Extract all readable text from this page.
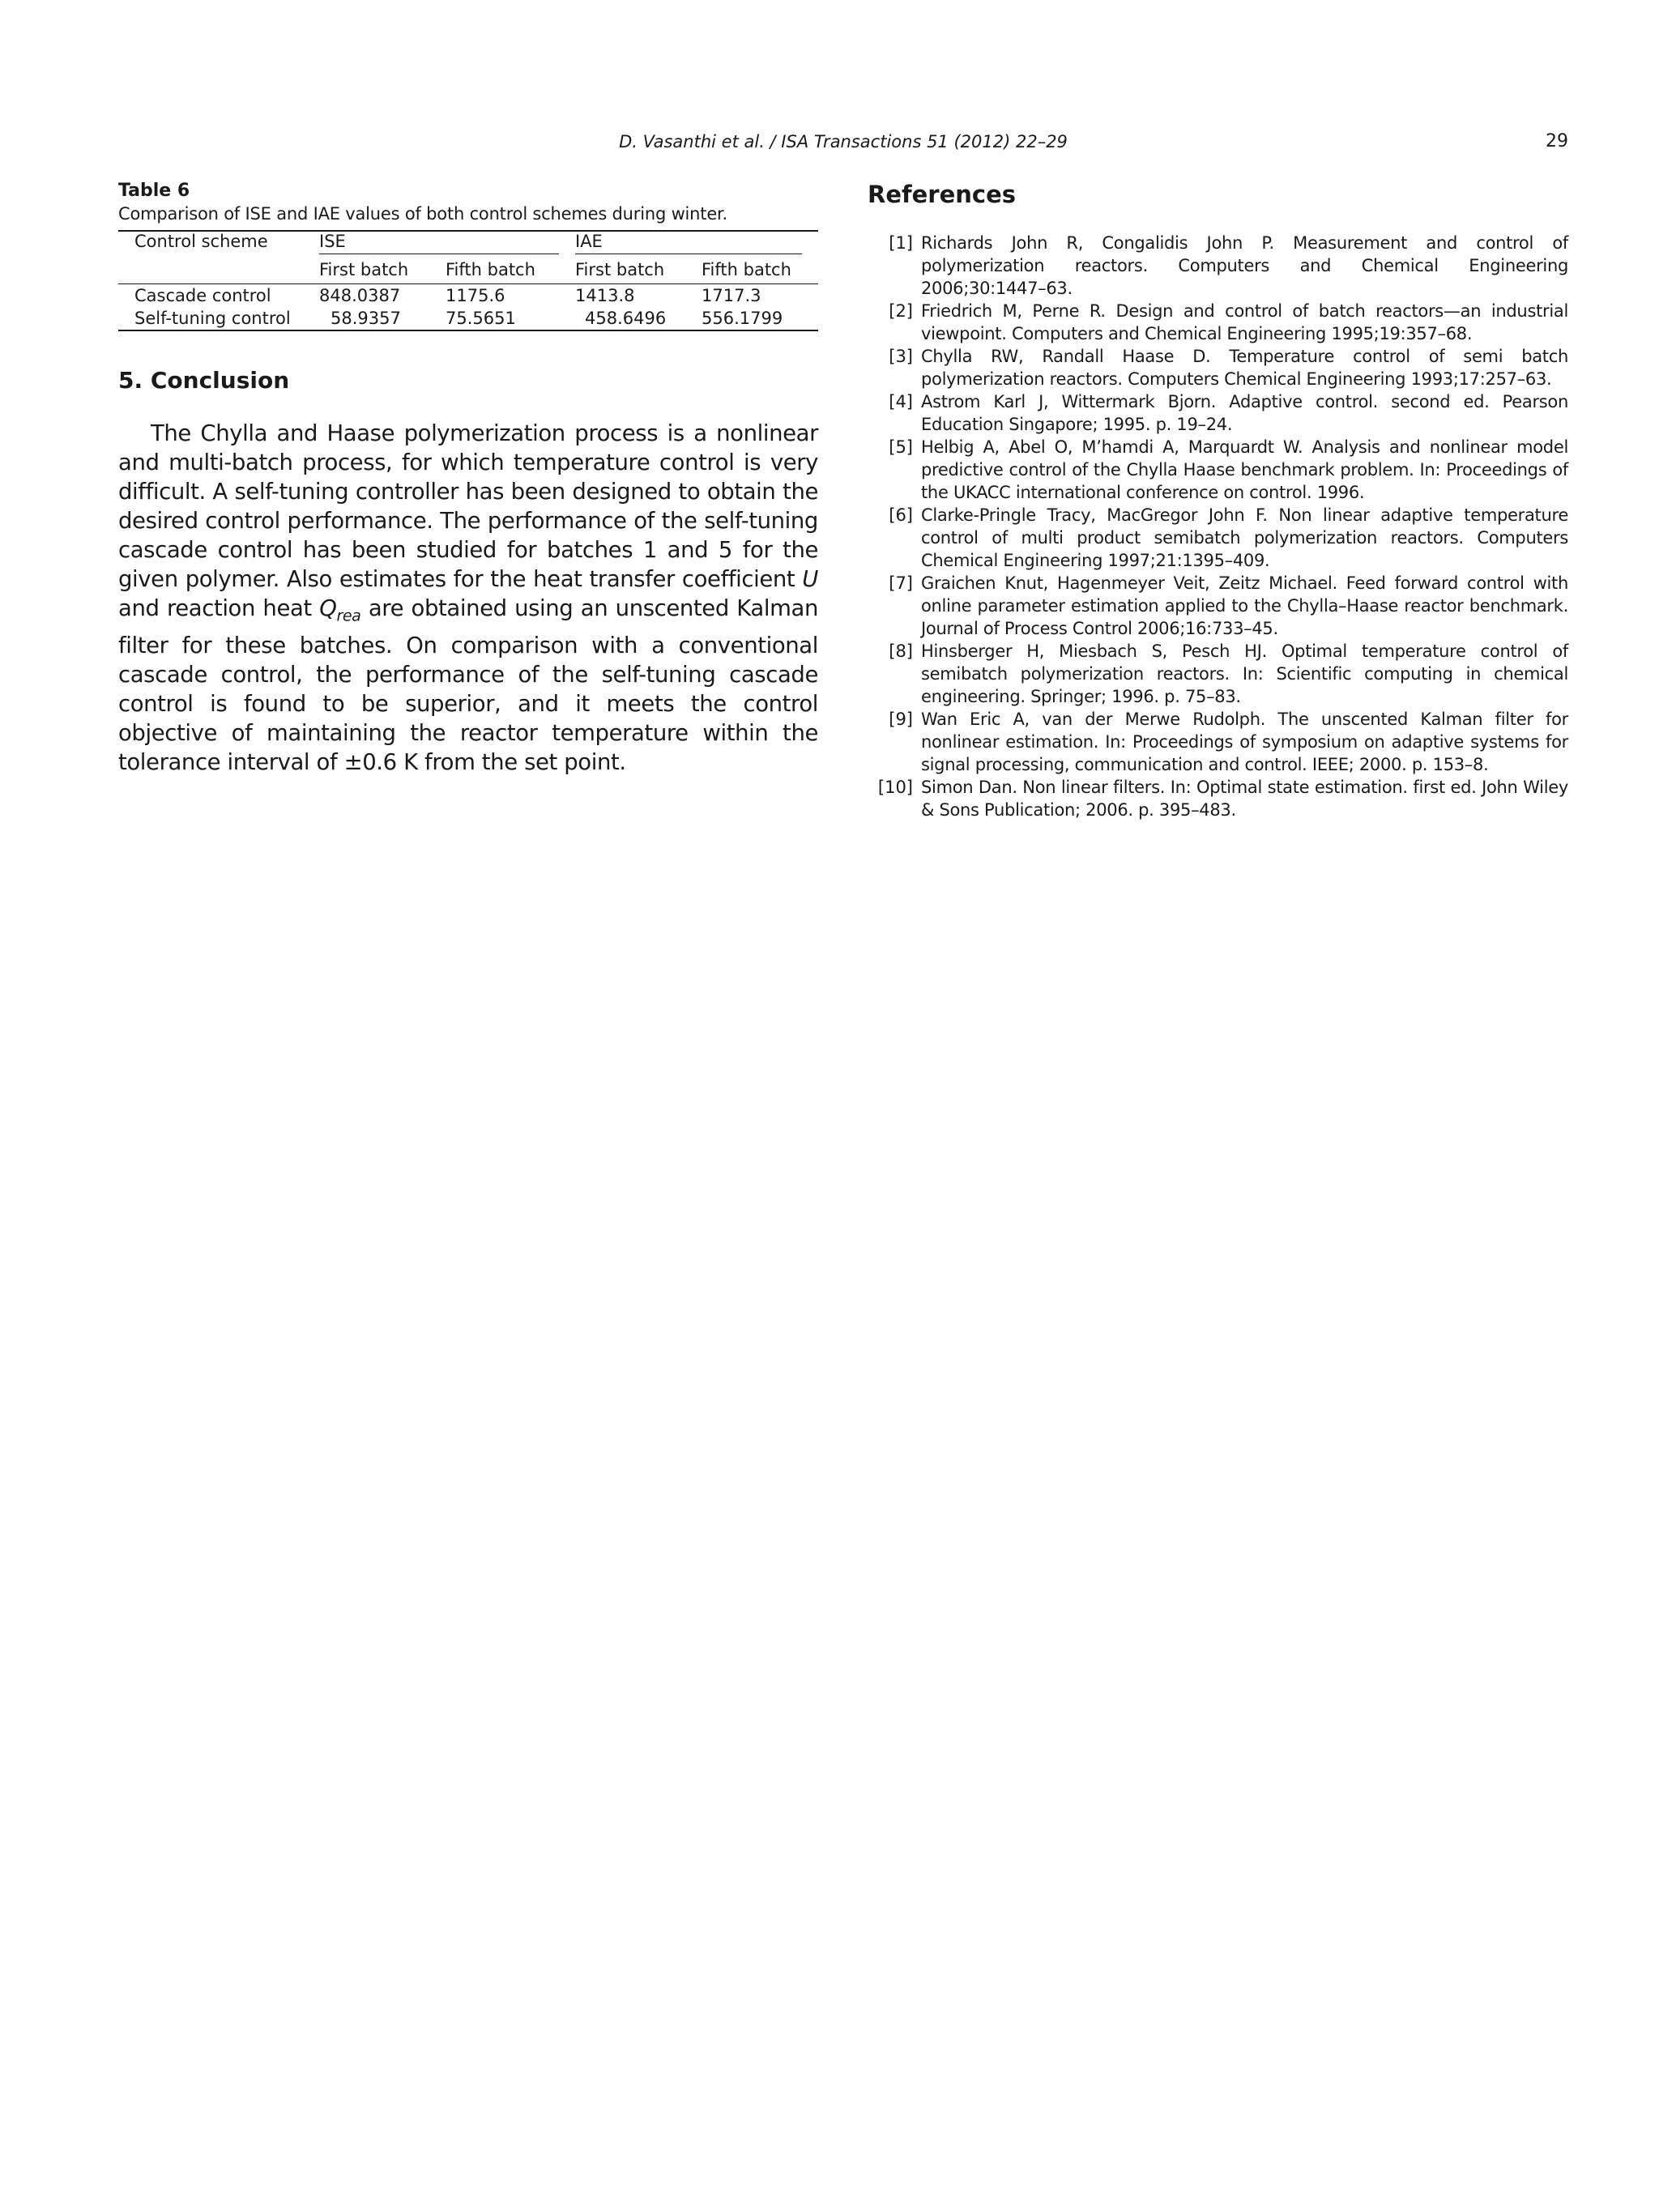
D. Vasanthi et al. / ISA Transactions 51 (2012) 22–29	29
Table 6
Comparison of ISE and IAE values of both control schemes during winter.
	Control scheme	ISE		IAE	

		First batch	Fifth batch	First batch	Fifth batch
	Cascade control	848.0387	1175.6	1413.8	1717.3
	Self-tuning control	58.9357	75.5651	458.6496	556.1799
5. Conclusion

The Chylla and Haase polymerization process is a nonlinear and multi-batch process, for which temperature control is very difficult. A self-tuning controller has been designed to obtain the desired control performance. The performance of the self-tuning cascade control has been studied for batches 1 and 5 for the given polymer. Also estimates for the heat transfer coefficient U and reaction heat $Q_{rea}$ are obtained using an unscented Kalman filter for these batches. On comparison with a conventional cascade control, the performance of the self-tuning cascade control is found to be superior, and it meets the control objective of maintaining the reactor temperature within the tolerance interval of ±0.6 K from the set point.

References
[1] Richards John R, Congalidis John P. Measurement and control of polymerization reactors. Computers and Chemical Engineering 2006;30:1447–63.
[2] Friedrich M, Perne R. Design and control of batch reactors—an industrial viewpoint. Computers and Chemical Engineering 1995;19:357–68.
[3] Chylla RW, Randall Haase D. Temperature control of semi batch polymerization reactors. Computers Chemical Engineering 1993;17:257–63.
[4] Astrom Karl J, Wittermark Bjorn. Adaptive control. second ed. Pearson Education Singapore; 1995. p. 19–24.
[5] Helbig A, Abel O, M’hamdi A, Marquardt W. Analysis and nonlinear model predictive control of the Chylla Haase benchmark problem. In: Proceedings of the UKACC international conference on control. 1996.
[6] Clarke-Pringle Tracy, MacGregor John F. Non linear adaptive temperature control of multi product semibatch polymerization reactors. Computers Chemical Engineering 1997;21:1395–409.
[7] Graichen Knut, Hagenmeyer Veit, Zeitz Michael. Feed forward control with online parameter estimation applied to the Chylla–Haase reactor benchmark. Journal of Process Control 2006;16:733–45.
[8] Hinsberger H, Miesbach S, Pesch HJ. Optimal temperature control of semibatch polymerization reactors. In: Scientific computing in chemical engineering. Springer; 1996. p. 75–83.
[9] Wan Eric A, van der Merwe Rudolph. The unscented Kalman filter for nonlinear estimation. In: Proceedings of symposium on adaptive systems for signal processing, communication and control. IEEE; 2000. p. 153–8.
[10] Simon Dan. Non linear filters. In: Optimal state estimation. first ed. John Wiley & Sons Publication; 2006. p. 395–483.
